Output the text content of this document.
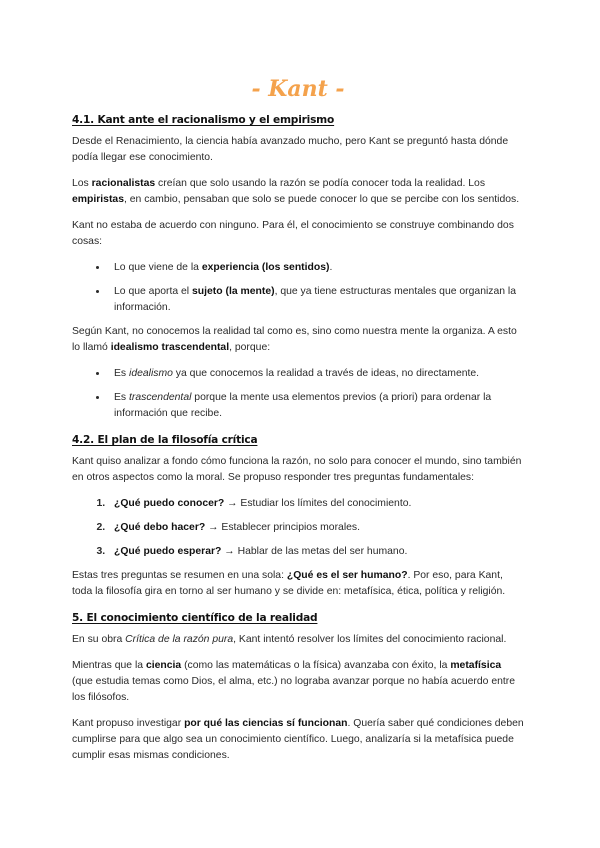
- Kant -
4.1. Kant ante el racionalismo y el empirismo

Desde el Renacimiento, la ciencia había avanzado mucho, pero Kant se preguntó hasta dónde podía llegar ese conocimiento.

Los racionalistas creían que solo usando la razón se podía conocer toda la realidad. Los empiristas, en cambio, pensaban que solo se puede conocer lo que se percibe con los sentidos.

Kant no estaba de acuerdo con ninguno. Para él, el conocimiento se construye combinando dos cosas:

• Lo que viene de la experiencia (los sentidos).
• Lo que aporta el sujeto (la mente), que ya tiene estructuras mentales que organizan la información.

Según Kant, no conocemos la realidad tal como es, sino como nuestra mente la organiza. A esto lo llamó idealismo trascendental, porque:

• Es idealismo ya que conocemos la realidad a través de ideas, no directamente.
• Es trascendental porque la mente usa elementos previos (a priori) para ordenar la información que recibe.
4.2. El plan de la filosofía crítica

Kant quiso analizar a fondo cómo funciona la razón, no solo para conocer el mundo, sino también en otros aspectos como la moral. Se propuso responder tres preguntas fundamentales:

1. ¿Qué puedo conocer? → Estudiar los límites del conocimiento.
2. ¿Qué debo hacer? → Establecer principios morales.
3. ¿Qué puedo esperar? → Hablar de las metas del ser humano.

Estas tres preguntas se resumen en una sola: ¿Qué es el ser humano?. Por eso, para Kant, toda la filosofía gira en torno al ser humano y se divide en: metafísica, ética, política y religión.

5. El conocimiento científico de la realidad

En su obra Crítica de la razón pura, Kant intentó resolver los límites del conocimiento racional.

Mientras que la ciencia (como las matemáticas o la física) avanzaba con éxito, la metafísica (que estudia temas como Dios, el alma, etc.) no lograba avanzar porque no había acuerdo entre los filósofos.

Kant propuso investigar por qué las ciencias sí funcionan. Quería saber qué condiciones deben cumplirse para que algo sea un conocimiento científico. Luego, analizaría si la metafísica puede cumplir esas mismas condiciones.
